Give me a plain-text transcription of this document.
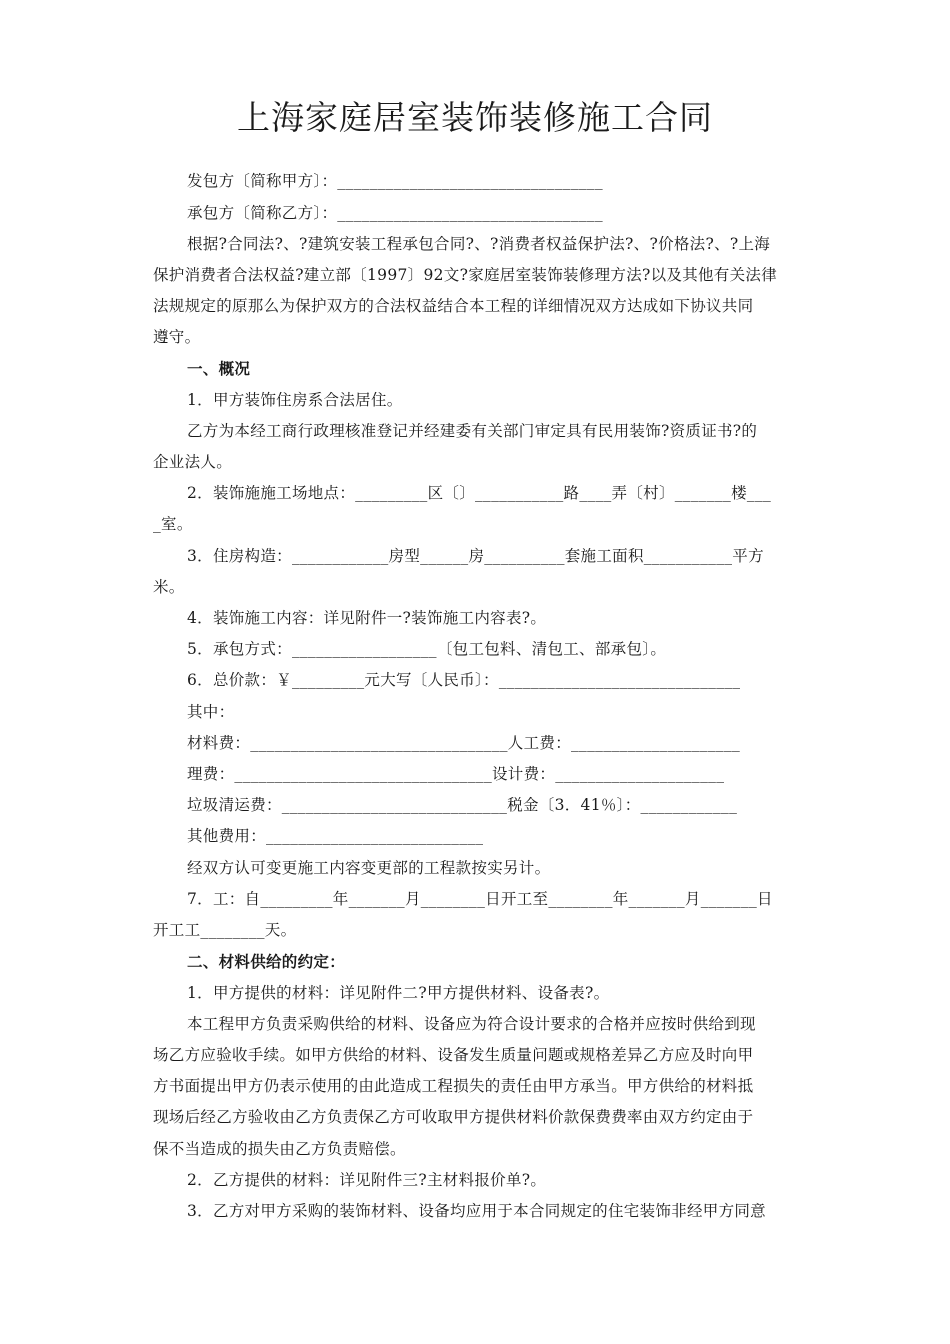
上海家庭居室装饰装修施工合同
发包方〔简称甲方〕：_________________________________
承包方〔简称乙方〕：_________________________________
根据?合同法?、?建筑安装工程承包合同?、?消费者权益保护法?、?价格法?、?上海
保护消费者合法权益?建立部〔1997〕92文?家庭居室装饰装修理方法?以及其他有关法律
法规规定的原那么为保护双方的合法权益结合本工程的详细情况双方达成如下协议共同
遵守。
一、概况
1．甲方装饰住房系合法居住。
乙方为本经工商行政理核准登记并经建委有关部门审定具有民用装饰?资质证书?的
企业法人。
2．装饰施施工场地点：_________区〔〕___________路____弄〔村〕_______楼___
_室。
3．住房构造：____________房型______房__________套施工面积___________平方
米。
4．装饰施工内容：详见附件一?装饰施工内容表?。
5．承包方式：__________________〔包工包料、清包工、部承包〕。
6．总价款：￥_________元大写〔人民币〕：______________________________
其中：
材料费：________________________________人工费：_____________________
理费：________________________________设计费：_____________________
垃圾清运费：____________________________税金〔3．41％〕：____________
其他费用：___________________________
经双方认可变更施工内容变更部的工程款按实另计。
7．工：自_________年_______月________日开工至________年_______月_______日
开工工________天。
二、材料供给的约定：
1．甲方提供的材料：详见附件二?甲方提供材料、设备表?。
本工程甲方负责采购供给的材料、设备应为符合设计要求的合格并应按时供给到现
场乙方应验收手续。如甲方供给的材料、设备发生质量问题或规格差异乙方应及时向甲
方书面提出甲方仍表示使用的由此造成工程损失的责任由甲方承当。甲方供给的材料抵
现场后经乙方验收由乙方负责保乙方可收取甲方提供材料价款保费费率由双方约定由于
保不当造成的损失由乙方负责赔偿。
2．乙方提供的材料：详见附件三?主材料报价单?。
3．乙方对甲方采购的装饰材料、设备均应用于本合同规定的住宅装饰非经甲方同意
